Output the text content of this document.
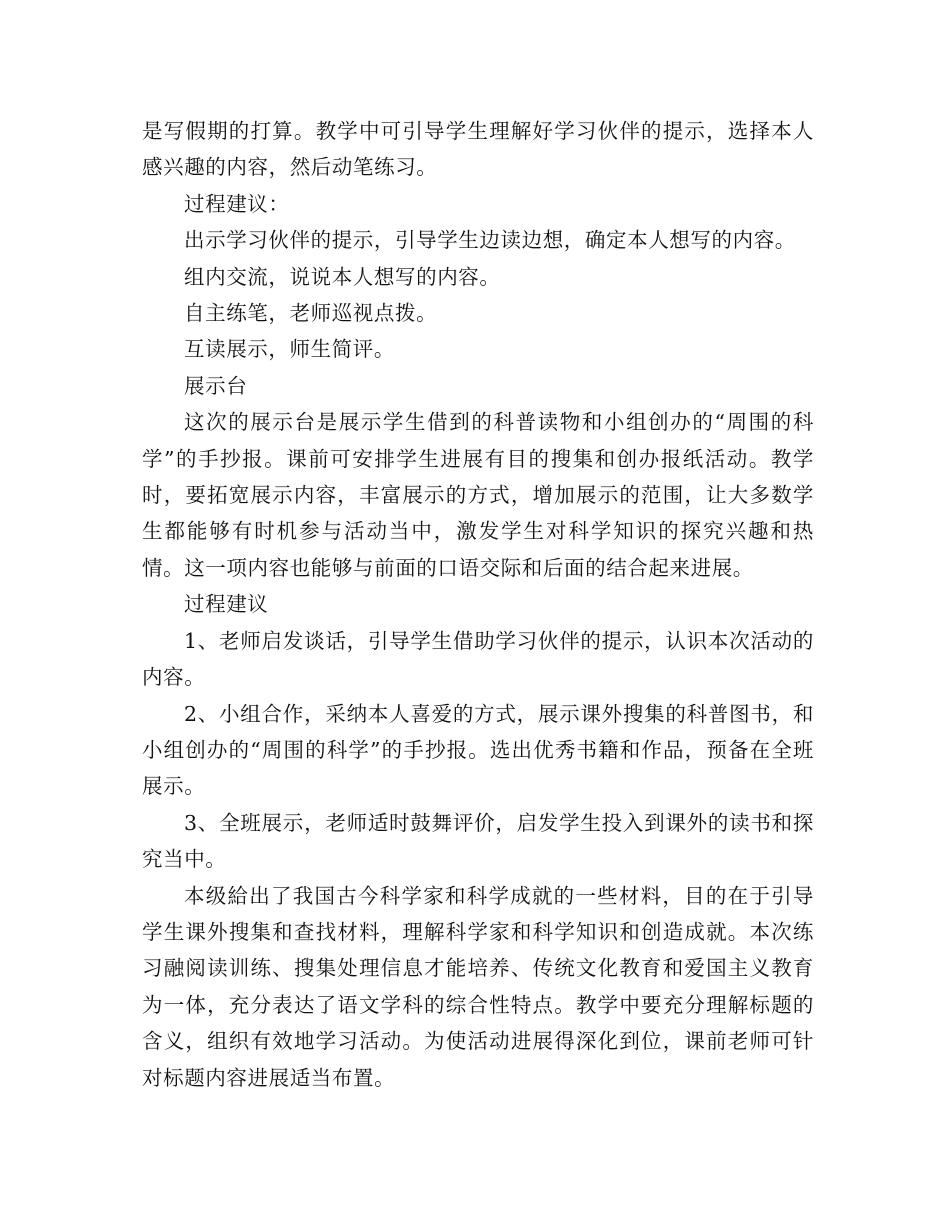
是写假期的打算。教学中可引导学生理解好学习伙伴的提示，选择本人感兴趣的内容，然后动笔练习。

过程建议：

出示学习伙伴的提示，引导学生边读边想，确定本人想写的内容。

组内交流，说说本人想写的内容。

自主练笔，老师巡视点拨。

互读展示，师生简评。

展示台

这次的展示台是展示学生借到的科普读物和小组创办的“周围的科学”的手抄报。课前可安排学生进展有目的搜集和创办报纸活动。教学时，要拓宽展示内容，丰富展示的方式，增加展示的范围，让大多数学生都能够有时机参与活动当中，激发学生对科学知识的探究兴趣和热情。这一项内容也能够与前面的口语交际和后面的结合起来进展。

过程建议

1、老师启发谈话，引导学生借助学习伙伴的提示，认识本次活动的内容。

2、小组合作，采纳本人喜爱的方式，展示课外搜集的科普图书，和小组创办的“周围的科学”的手抄报。选出优秀书籍和作品，预备在全班展示。

3、全班展示，老师适时鼓舞评价，启发学生投入到课外的读书和探究当中。

本级給出了我国古今科学家和科学成就的一些材料，目的在于引导学生课外搜集和查找材料，理解科学家和科学知识和创造成就。本次练习融阅读训练、搜集处理信息才能培养、传统文化教育和爱国主义教育为一体，充分表达了语文学科的综合性特点。教学中要充分理解标题的含义，组织有效地学习活动。为使活动进展得深化到位，课前老师可针对标题内容进展适当布置。
